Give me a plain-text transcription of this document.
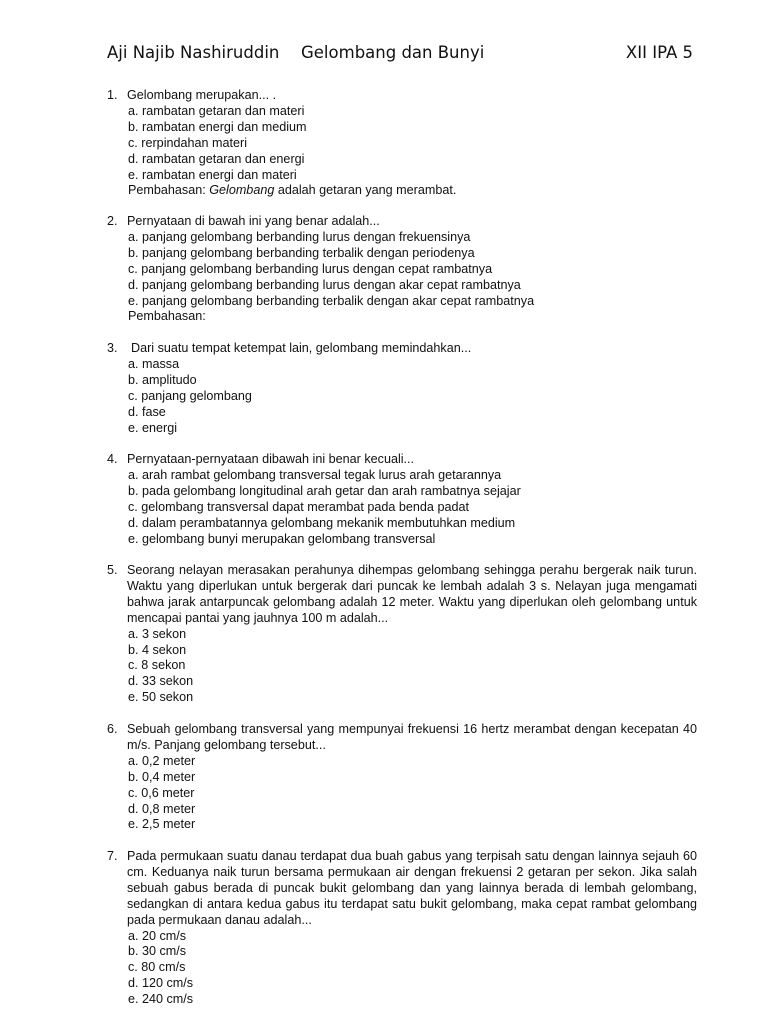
Aji Najib Nashiruddin Gelombang dan Bunyi	XII IPA 5
1. Gelombang merupakan... .
a. rambatan getaran dan materi
b. rambatan energi dan medium
c. rerpindahan materi
d. rambatan getaran dan energi
e. rambatan energi dan materi
Pembahasan: Gelombang adalah getaran yang merambat.
2. Pernyataan di bawah ini yang benar adalah...
a. panjang gelombang berbanding lurus dengan frekuensinya
b. panjang gelombang berbanding terbalik dengan periodenya
c. panjang gelombang berbanding lurus dengan cepat rambatnya
d. panjang gelombang berbanding lurus dengan akar cepat rambatnya
e. panjang gelombang berbanding terbalik dengan akar cepat rambatnya
Pembahasan:
3. Dari suatu tempat ketempat lain, gelombang memindahkan...
a. massa
b. amplitudo
c. panjang gelombang
d. fase
e. energi
4. Pernyataan-pernyataan dibawah ini benar kecuali...
a. arah rambat gelombang transversal tegak lurus arah getarannya
b. pada gelombang longitudinal arah getar dan arah rambatnya sejajar
c. gelombang transversal dapat merambat pada benda padat
d. dalam perambatannya gelombang mekanik membutuhkan medium
e. gelombang bunyi merupakan gelombang transversal
5. Seorang nelayan merasakan perahunya dihempas gelombang sehingga perahu bergerak naik turun. Waktu yang diperlukan untuk bergerak dari puncak ke lembah adalah 3 s. Nelayan juga mengamati bahwa jarak antarpuncak gelombang adalah 12 meter. Waktu yang diperlukan oleh gelombang untuk mencapai pantai yang jauhnya 100 m adalah...
a. 3 sekon
b. 4 sekon
c. 8 sekon
d. 33 sekon
e. 50 sekon
6. Sebuah gelombang transversal yang mempunyai frekuensi 16 hertz merambat dengan kecepatan 40 m/s. Panjang gelombang tersebut...
a. 0,2 meter
b. 0,4 meter
c. 0,6 meter
d. 0,8 meter
e. 2,5 meter
7. Pada permukaan suatu danau terdapat dua buah gabus yang terpisah satu dengan lainnya sejauh 60 cm. Keduanya naik turun bersama permukaan air dengan frekuensi 2 getaran per sekon. Jika salah sebuah gabus berada di puncak bukit gelombang dan yang lainnya berada di lembah gelombang, sedangkan di antara kedua gabus itu terdapat satu bukit gelombang, maka cepat rambat gelombang pada permukaan danau adalah...
a. 20 cm/s
b. 30 cm/s
c. 80 cm/s
d. 120 cm/s
e. 240 cm/s
